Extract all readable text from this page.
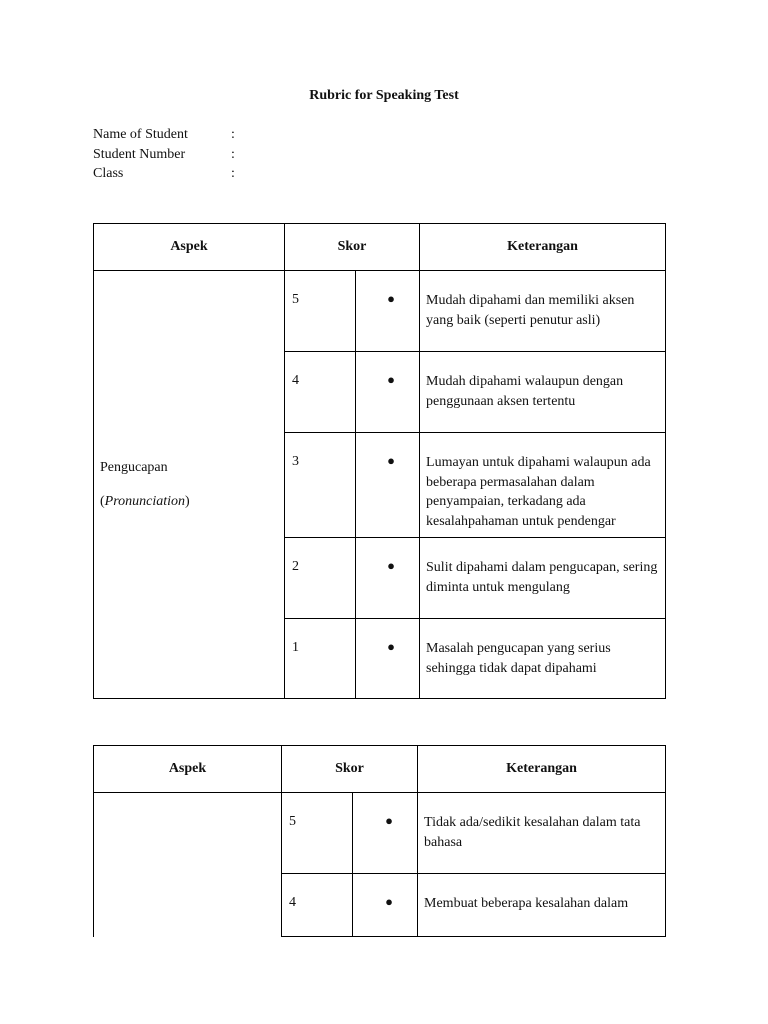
Rubric for Speaking Test
Name of Student	:
Student Number	:
Class	:
Aspek	Skor		Keterangan

Pengucapan

(Pronunciation)	5	●	Mudah dipahami dan memiliki aksen yang baik (seperti penutur asli)
	4	●	Mudah dipahami walaupun dengan penggunaan aksen tertentu
	3	●	Lumayan untuk dipahami walaupun ada beberapa permasalahan dalam penyampaian, terkadang ada kesalahpahaman untuk pendengar
	2	●	Sulit dipahami dalam pengucapan, sering diminta untuk mengulang
	1	●	Masalah pengucapan yang serius sehingga tidak dapat dipahami
Aspek	Skor		Keterangan
	5	●	Tidak ada/sedikit kesalahan dalam tata bahasa
	4	●	Membuat beberapa kesalahan dalam
